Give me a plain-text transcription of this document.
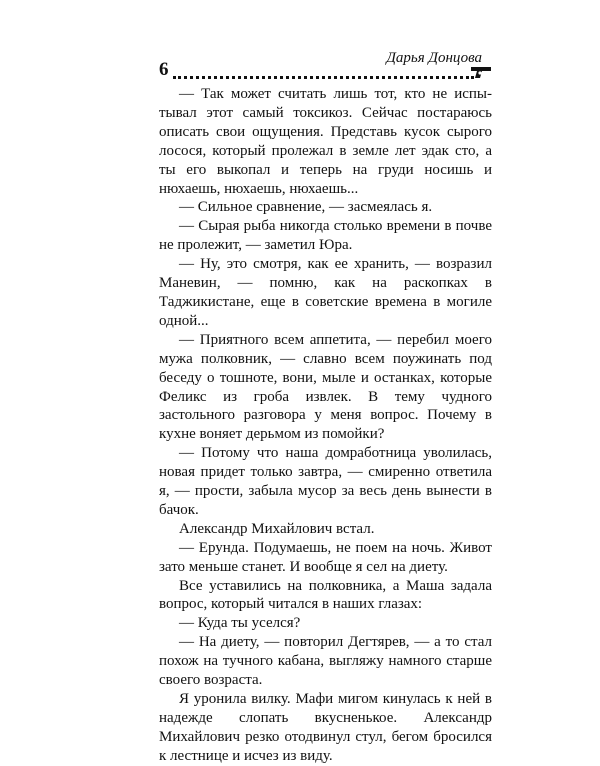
6
Дарья Донцова

— Так может считать лишь тот, кто не испытывал этот самый токсикоз. Сейчас постараюсь описать свои ощущения. Представь кусок сырого лосося, который пролежал в земле лет эдак сто, а ты его выкопал и теперь на груди носишь и нюхаешь, нюхаешь, нюхаешь...

— Сильное сравнение, — засмеялась я.

— Сырая рыба никогда столько времени в почве не пролежит, — заметил Юра.

— Ну, это смотря, как ее хранить, — возразил Маневин, — помню, как на раскопках в Таджикистане, еще в советские времена в могиле одной...

— Приятного всем аппетита, — перебил моего мужа полковник, — славно всем поужинать под беседу о тошноте, вони, мыле и останках, которые Феликс из гроба извлек. В тему чудного застольного разговора у меня вопрос. Почему в кухне воняет дерьмом из помойки?

— Потому что наша домработница уволилась, новая придет только завтра, — смиренно ответила я, — прости, забыла мусор за весь день вынести в бачок.

Александр Михайлович встал.

— Ерунда. Подумаешь, не поем на ночь. Живот зато меньше станет. И вообще я сел на диету.

Все уставились на полковника, а Маша задала вопрос, который читался в наших глазах:

— Куда ты уселся?

— На диету, — повторил Дегтярев, — а то стал похож на тучного кабана, выгляжу намного старше своего возраста.

Я уронила вилку. Мафи мигом кинулась к ней в надежде слопать вкусненькое. Александр Михайлович резко отодвинул стул, бегом бросился к лестнице и исчез из виду.
